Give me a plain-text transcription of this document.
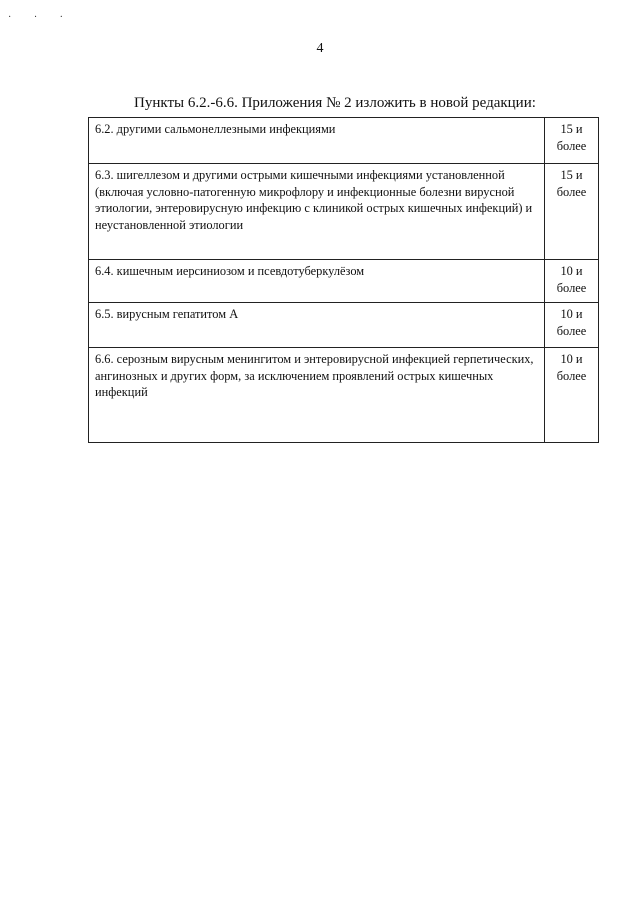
· · ·
4
Пункты 6.2.-6.6. Приложения № 2 изложить в новой редакции:
6.2. другими сальмонеллезными инфекциями	15 и
более

6.3. шигеллезом и другими острыми кишечными инфекциями установленной (включая условно-патогенную микрофлору и инфекционные болезни вирусной этиологии, энтеровирусную инфекцию с клиникой острых кишечных инфекций) и неустановленной этиологии	15 и
более

6.4. кишечным иерсиниозом и псевдотуберкулёзом	10 и
более

6.5. вирусным гепатитом А	10 и
более

6.6. серозным вирусным менингитом и энтеровирусной инфекцией герпетических, ангинозных и других форм, за исключением проявлений острых кишечных инфекций	10 и
более
